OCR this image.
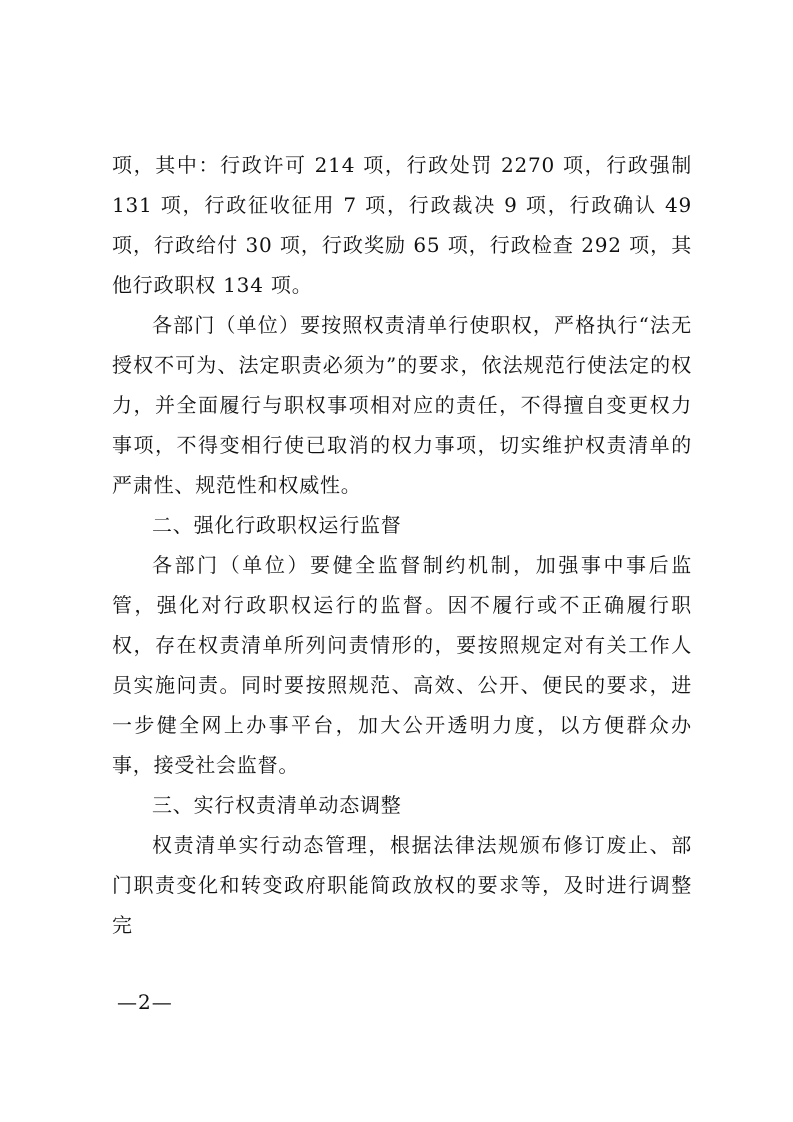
项，其中：行政许可 214 项，行政处罚 2270 项，行政强制 131 项，行政征收征用 7 项，行政裁决 9 项，行政确认 49 项，行政给付 30 项，行政奖励 65 项，行政检查 292 项，其他行政职权 134 项。

各部门（单位）要按照权责清单行使职权，严格执行“法无授权不可为、法定职责必须为”的要求，依法规范行使法定的权力，并全面履行与职权事项相对应的责任，不得擅自变更权力事项，不得变相行使已取消的权力事项，切实维护权责清单的严肃性、规范性和权威性。

二、强化行政职权运行监督

各部门（单位）要健全监督制约机制，加强事中事后监管，强化对行政职权运行的监督。因不履行或不正确履行职权，存在权责清单所列问责情形的，要按照规定对有关工作人员实施问责。同时要按照规范、高效、公开、便民的要求，进一步健全网上办事平台，加大公开透明力度，以方便群众办事，接受社会监督。

三、实行权责清单动态调整

权责清单实行动态管理，根据法律法规颁布修订废止、部门职责变化和转变政府职能简政放权的要求等，及时进行调整完

—2—
